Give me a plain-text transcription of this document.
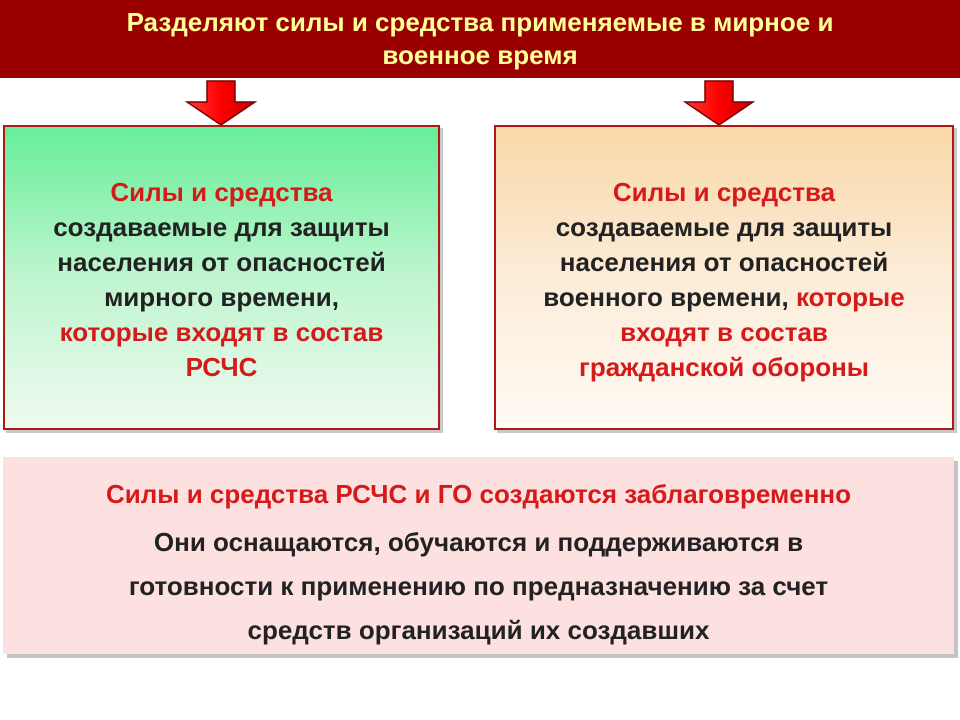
Разделяют силы и средства применяемые в мирное и
военное время
Силы и средства
создаваемые для защиты
населения от опасностей
мирного времени,
которые входят в состав
РСЧС
Силы и средства
создаваемые для защиты
населения от опасностей
военного времени, которые
входят в состав
гражданской обороны
Силы и средства РСЧС и ГО создаются заблаговременно
Они оснащаются, обучаются и поддерживаются в
готовности к применению по предназначению за счет
средств организаций их создавших
